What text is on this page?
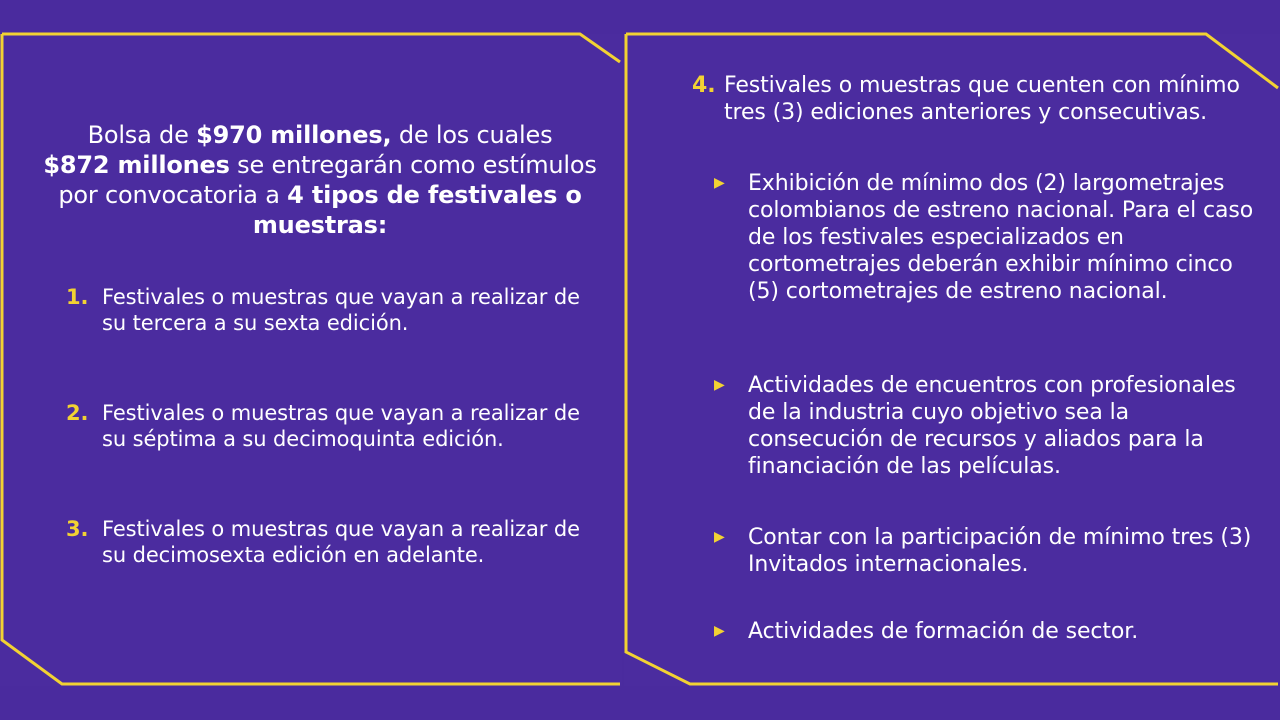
Bolsa de $970 millones, de los cuales
$872 millones se entregarán como estímulos por convocatoria a 4 tipos de festivales o muestras:
1. Festivales o muestras que vayan a realizar de su tercera a su sexta edición.
2. Festivales o muestras que vayan a realizar de su séptima a su decimoquinta edición.
3. Festivales o muestras que vayan a realizar de su decimosexta edición en adelante.
4. Festivales o muestras que cuenten con mínimo tres (3) ediciones anteriores y consecutivas.
▶	Exhibición de mínimo dos (2) largometrajes colombianos de estreno nacional. Para el caso de los festivales especializados en cortometrajes deberán exhibir mínimo cinco (5) cortometrajes de estreno nacional.
▶	Actividades de encuentros con profesionales de la industria cuyo objetivo sea la consecución de recursos y aliados para la financiación de las películas.
▶	Contar con la participación de mínimo tres (3) Invitados internacionales.
▶	Actividades de formación de sector.
